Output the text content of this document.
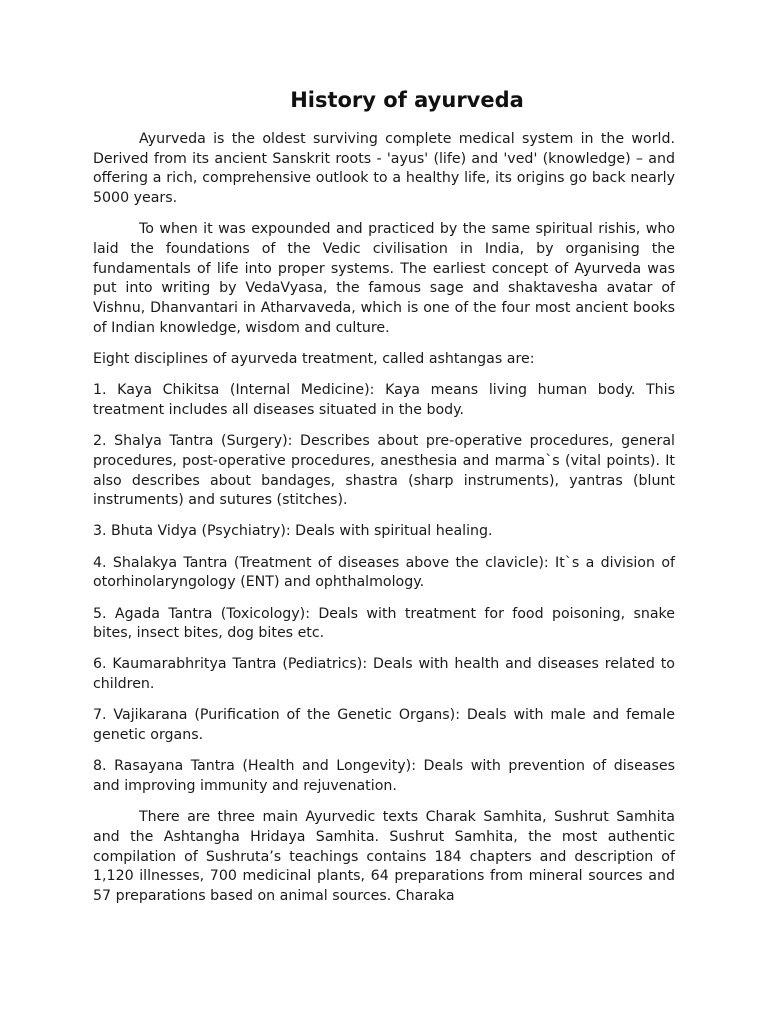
History of ayurveda

Ayurveda is the oldest surviving complete medical system in the world. Derived from its ancient Sanskrit roots - 'ayus' (life) and 'ved' (knowledge) – and offering a rich, comprehensive outlook to a healthy life, its origins go back nearly 5000 years.

To when it was expounded and practiced by the same spiritual rishis, who laid the foundations of the Vedic civilisation in India, by organising the fundamentals of life into proper systems. The earliest concept of Ayurveda was put into writing by VedaVyasa, the famous sage and shaktavesha avatar of Vishnu, Dhanvantari in Atharvaveda, which is one of the four most ancient books of Indian knowledge, wisdom and culture.

Eight disciplines of ayurveda treatment, called ashtangas are:

1. Kaya Chikitsa (Internal Medicine): Kaya means living human body. This treatment includes all diseases situated in the body.

2. Shalya Tantra (Surgery): Describes about pre-operative procedures, general procedures, post-operative procedures, anesthesia and marma`s (vital points). It also describes about bandages, shastra (sharp instruments), yantras (blunt instruments) and sutures (stitches).

3. Bhuta Vidya (Psychiatry): Deals with spiritual healing.

4. Shalakya Tantra (Treatment of diseases above the clavicle): It`s a division of otorhinolaryngology (ENT) and ophthalmology.

5. Agada Tantra (Toxicology): Deals with treatment for food poisoning, snake bites, insect bites, dog bites etc.

6. Kaumarabhritya Tantra (Pediatrics): Deals with health and diseases related to children.

7. Vajikarana (Purification of the Genetic Organs): Deals with male and female genetic organs.

8. Rasayana Tantra (Health and Longevity): Deals with prevention of diseases and improving immunity and rejuvenation.

There are three main Ayurvedic texts Charak Samhita, Sushrut Samhita and the Ashtangha Hridaya Samhita. Sushrut Samhita, the most authentic compilation of Sushruta’s teachings contains 184 chapters and description of 1,120 illnesses, 700 medicinal plants, 64 preparations from mineral sources and 57 preparations based on animal sources. Charaka
